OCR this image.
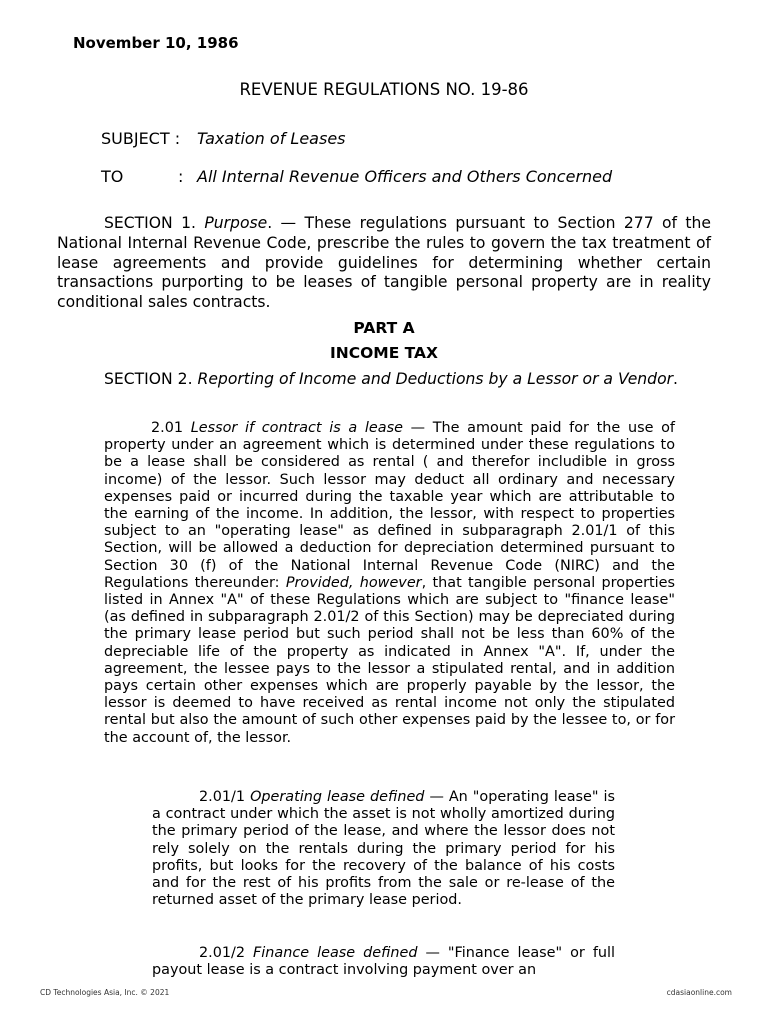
November 10, 1986

REVENUE REGULATIONS NO. 19-86

SUBJECT : Taxation of Leases
TO	: All Internal Revenue Officers and Others Concerned

SECTION 1. Purpose. — These regulations pursuant to Section 277 of the National Internal Revenue Code, prescribe the rules to govern the tax treatment of lease agreements and provide guidelines for determining whether certain transactions purporting to be leases of tangible personal property are in reality conditional sales contracts.

PART A

INCOME TAX

SECTION 2. Reporting of Income and Deductions by a Lessor or a Vendor.

2.01 Lessor if contract is a lease — The amount paid for the use of property under an agreement which is determined under these regulations to be a lease shall be considered as rental ( and therefor includible in gross income) of the lessor. Such lessor may deduct all ordinary and necessary expenses paid or incurred during the taxable year which are attributable to the earning of the income. In addition, the lessor, with respect to properties subject to an "operating lease" as defined in subparagraph 2.01/1 of this Section, will be allowed a deduction for depreciation determined pursuant to Section 30 (f) of the National Internal Revenue Code (NIRC) and the Regulations thereunder: Provided, however, that tangible personal properties listed in Annex "A" of these Regulations which are subject to "finance lease" (as defined in subparagraph 2.01/2 of this Section) may be depreciated during the primary lease period but such period shall not be less than 60% of the depreciable life of the property as indicated in Annex "A". If, under the agreement, the lessee pays to the lessor a stipulated rental, and in addition pays certain other expenses which are properly payable by the lessor, the lessor is deemed to have received as rental income not only the stipulated rental but also the amount of such other expenses paid by the lessee to, or for the account of, the lessor.

2.01/1 Operating lease defined — An "operating lease" is a contract under which the asset is not wholly amortized during the primary period of the lease, and where the lessor does not rely solely on the rentals during the primary period for his profits, but looks for the recovery of the balance of his costs and for the rest of his profits from the sale or re-lease of the returned asset of the primary lease period.

2.01/2 Finance lease defined — "Finance lease" or full payout lease is a contract involving payment over an

CD Technologies Asia, Inc. © 2021	cdasiaonline.com
